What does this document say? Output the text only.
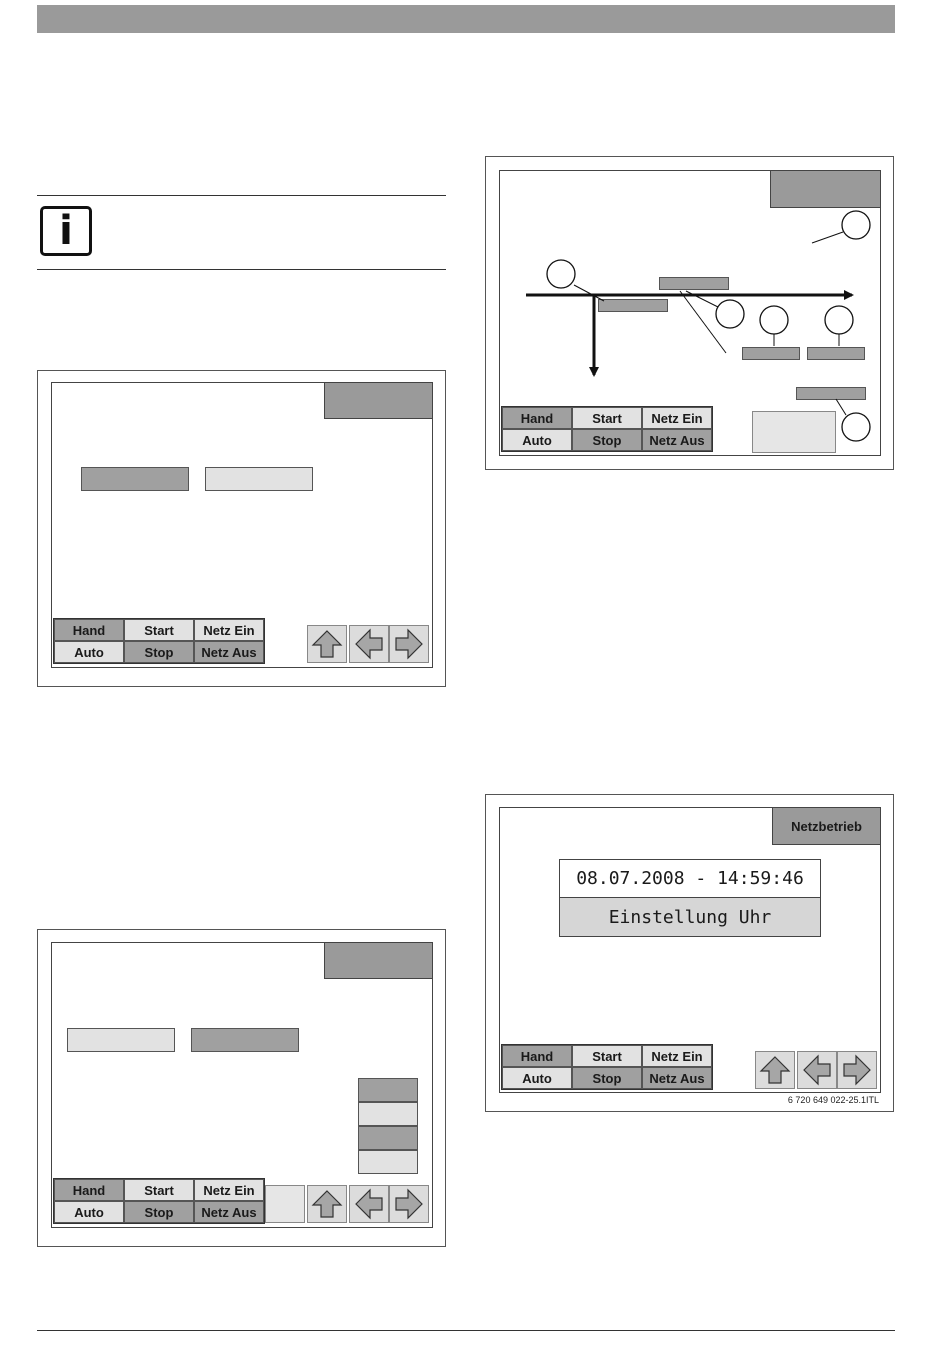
i
Hand	Start	Netz Ein
Auto	Stop	Netz Aus
Hand	Start	Netz Ein
Auto	Stop	Netz Aus
Hand	Start	Netz Ein
Auto	Stop	Netz Aus
Netzbetrieb
08.07.2008 - 14:59:46
Einstellung Uhr
Hand	Start	Netz Ein
Auto	Stop	Netz Aus
6 720 649 022-25.1ITL
